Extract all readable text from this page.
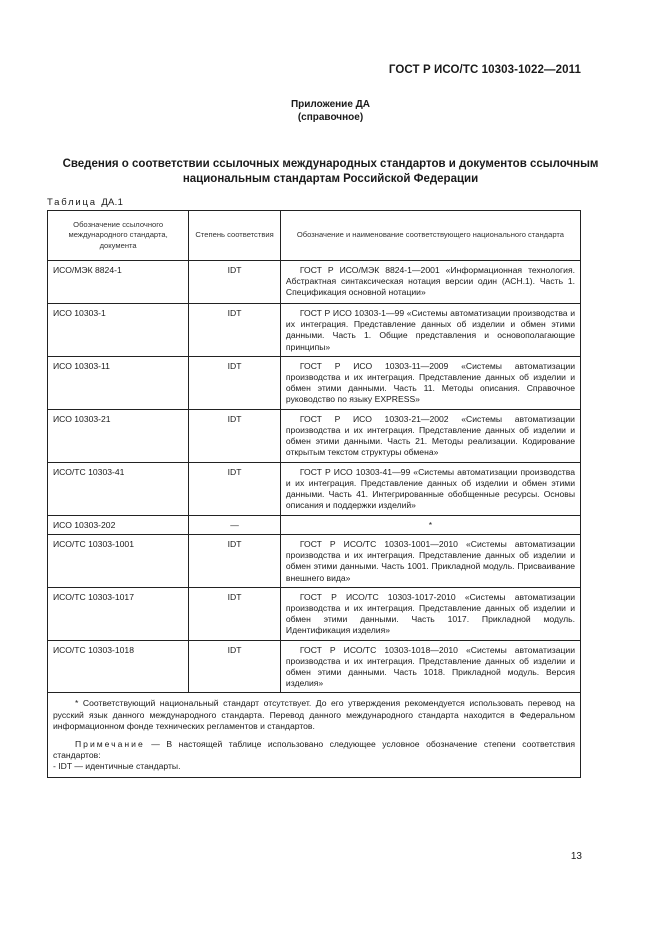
ГОСТ Р ИСО/ТС 10303-1022—2011
Приложение ДА
(справочное)
Сведения о соответствии ссылочных международных стандартов и документов ссылочным национальным стандартам Российской Федерации
Таблица ДА.1
Обозначение ссылочного международного стандарта, документа	Степень соответствия	Обозначение и наименование соответствующего национального стандарта
ИСО/МЭК 8824-1	IDT	ГОСТ Р ИСО/МЭК 8824-1—2001 «Информационная технология. Абстрактная синтаксическая нотация версии один (АСН.1). Часть 1. Спецификация основной нотации»
ИСО 10303-1	IDT	ГОСТ Р ИСО 10303-1—99 «Системы автоматизации производства и их интеграция. Представление данных об изделии и обмен этими данными. Часть 1. Общие представления и основополагающие принципы»
ИСО 10303-11	IDT	ГОСТ Р ИСО 10303-11—2009 «Системы автоматизации производства и их интеграция. Представление данных об изделии и обмен этими данными. Часть 11. Методы описания. Справочное руководство по языку EXPRESS»
ИСО 10303-21	IDT	ГОСТ Р ИСО 10303-21—2002 «Системы автоматизации производства и их интеграция. Представление данных об изделии и обмен этими данными. Часть 21. Методы реализации. Кодирование открытым текстом структуры обмена»
ИСО/ТС 10303-41	IDT	ГОСТ Р ИСО 10303-41—99 «Системы автоматизации производства и их интеграция. Представление данных об изделии и обмен этими данными. Часть 41. Интегрированные обобщенные ресурсы. Основы описания и поддержки изделий»
ИСО 10303-202	—	*
ИСО/ТС 10303-1001	IDT	ГОСТ Р ИСО/ТС 10303-1001—2010 «Системы автоматизации производства и их интеграция. Представление данных об изделии и обмен этими данными. Часть 1001. Прикладной модуль. Присваивание внешнего вида»
ИСО/ТС 10303-1017	IDT	ГОСТ Р ИСО/ТС 10303-1017-2010 «Системы автоматизации производства и их интеграция. Представление данных об изделии и обмен этими данными. Часть 1017. Прикладной модуль. Идентификация изделия»
ИСО/ТС 10303-1018	IDT	ГОСТ Р ИСО/ТС 10303-1018—2010 «Системы автоматизации производства и их интеграция. Представление данных об изделии и обмен этими данными. Часть 1018. Прикладной модуль. Версия изделия»

* Соответствующий национальный стандарт отсутствует. До его утверждения рекомендуется использовать перевод на русский язык данного международного стандарта. Перевод данного международного стандарта находится в Федеральном информационном фонде технических регламентов и стандартов.

Примечание — В настоящей таблице использовано следующее условное обозначение степени соответствия стандартов:

- IDT — идентичные стандарты.		

13
